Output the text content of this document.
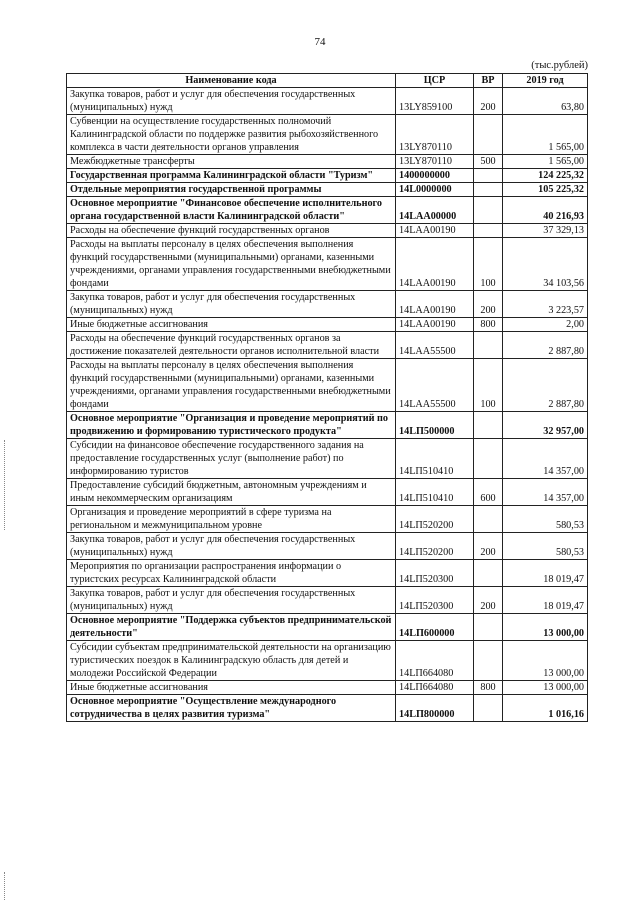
74
(тыс.рублей)
Наименование кода	ЦСР	ВР	2019 год
Закупка товаров, работ и услуг для обеспечения государственных (муниципальных) нужд	13LY859100	200	63,80
Субвенции на осуществление государственных полномочий Калининградской области по поддержке развития рыбохозяйственного комплекса в части деятельности органов управления	13LY870110		1 565,00
Межбюджетные трансферты	13LY870110	500	1 565,00
Государственная программа Калининградской области "Туризм"	1400000000		124 225,32
Отдельные мероприятия государственной программы	14L0000000		105 225,32
Основное мероприятие "Финансовое обеспечение исполнительного органа государственной власти Калининградской области"	14LAA00000		40 216,93
Расходы на обеспечение функций государственных органов	14LAA00190		37 329,13
Расходы на выплаты персоналу в целях обеспечения выполнения функций государственными (муниципальными) органами, казенными учреждениями, органами управления государственными внебюджетными фондами	14LAA00190	100	34 103,56
Закупка товаров, работ и услуг для обеспечения государственных (муниципальных) нужд	14LAA00190	200	3 223,57
Иные бюджетные ассигнования	14LAA00190	800	2,00
Расходы на обеспечение функций государственных органов за достижение показателей деятельности органов исполнительной власти	14LAA55500		2 887,80
Расходы на выплаты персоналу в целях обеспечения выполнения функций государственными (муниципальными) органами, казенными учреждениями, органами управления государственными внебюджетными фондами	14LAA55500	100	2 887,80
Основное мероприятие "Организация и проведение мероприятий по продвижению и формированию туристического продукта"	14LП500000		32 957,00
Субсидии на финансовое обеспечение государственного задания на предоставление государственных услуг (выполнение работ) по информированию туристов	14LП510410		14 357,00
Предоставление субсидий бюджетным, автономным учреждениям и иным некоммерческим организациям	14LП510410	600	14 357,00
Организация и проведение мероприятий в сфере туризма на региональном и межмуниципальном уровне	14LП520200		580,53
Закупка товаров, работ и услуг для обеспечения государственных (муниципальных) нужд	14LП520200	200	580,53
Мероприятия по организации распространения информации о туристских ресурсах Калининградской области	14LП520300		18 019,47
Закупка товаров, работ и услуг для обеспечения государственных (муниципальных) нужд	14LП520300	200	18 019,47
Основное мероприятие "Поддержка субъектов предпринимательской деятельности"	14LП600000		13 000,00
Субсидии субъектам предпринимательской деятельности на организацию туристических поездок в Калининградскую область для детей и молодежи Российской Федерации	14LП664080		13 000,00
Иные бюджетные ассигнования	14LП664080	800	13 000,00
Основное мероприятие "Осуществление международного сотрудничества в целях развития туризма"	14LП800000		1 016,16
